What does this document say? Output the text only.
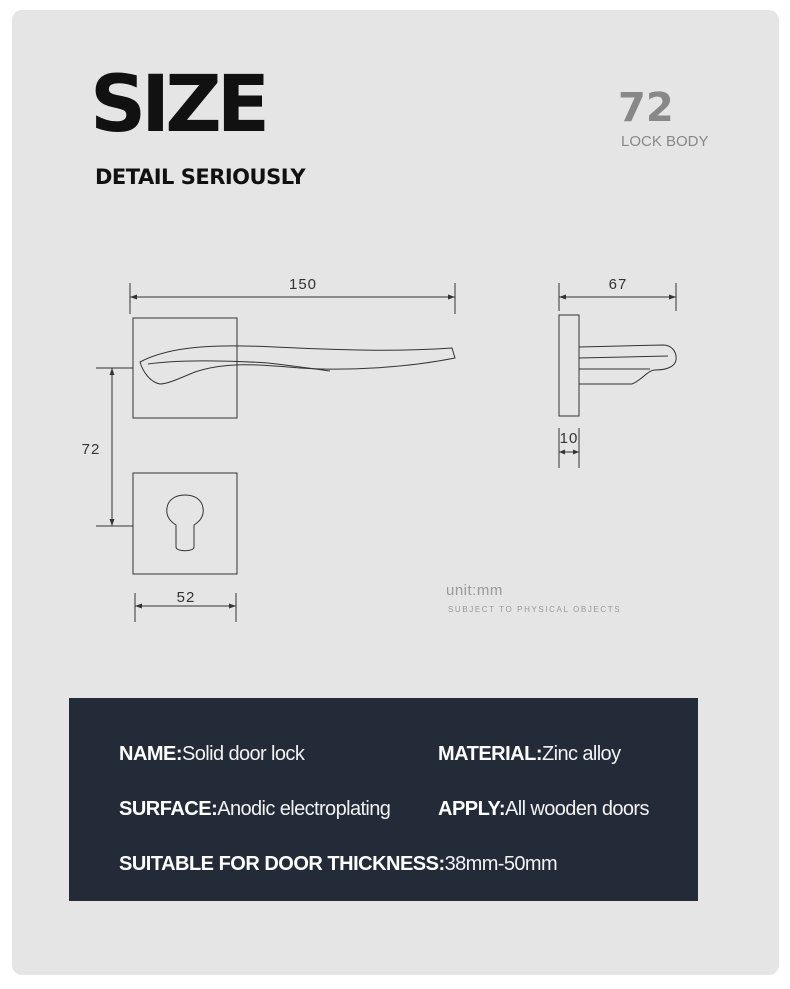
SIZE
DETAIL SERIOUSLY
72
LOCK BODY
150	67
72
52
10
unit:mm
SUBJECT TO PHYSICAL OBJECTS
NAME:Solid door lock	MATERIAL:Zinc alloy
SURFACE:Anodic electroplating APPLY:All wooden doors
SUITABLE FOR DOOR THICKNESS:38mm-50mm
